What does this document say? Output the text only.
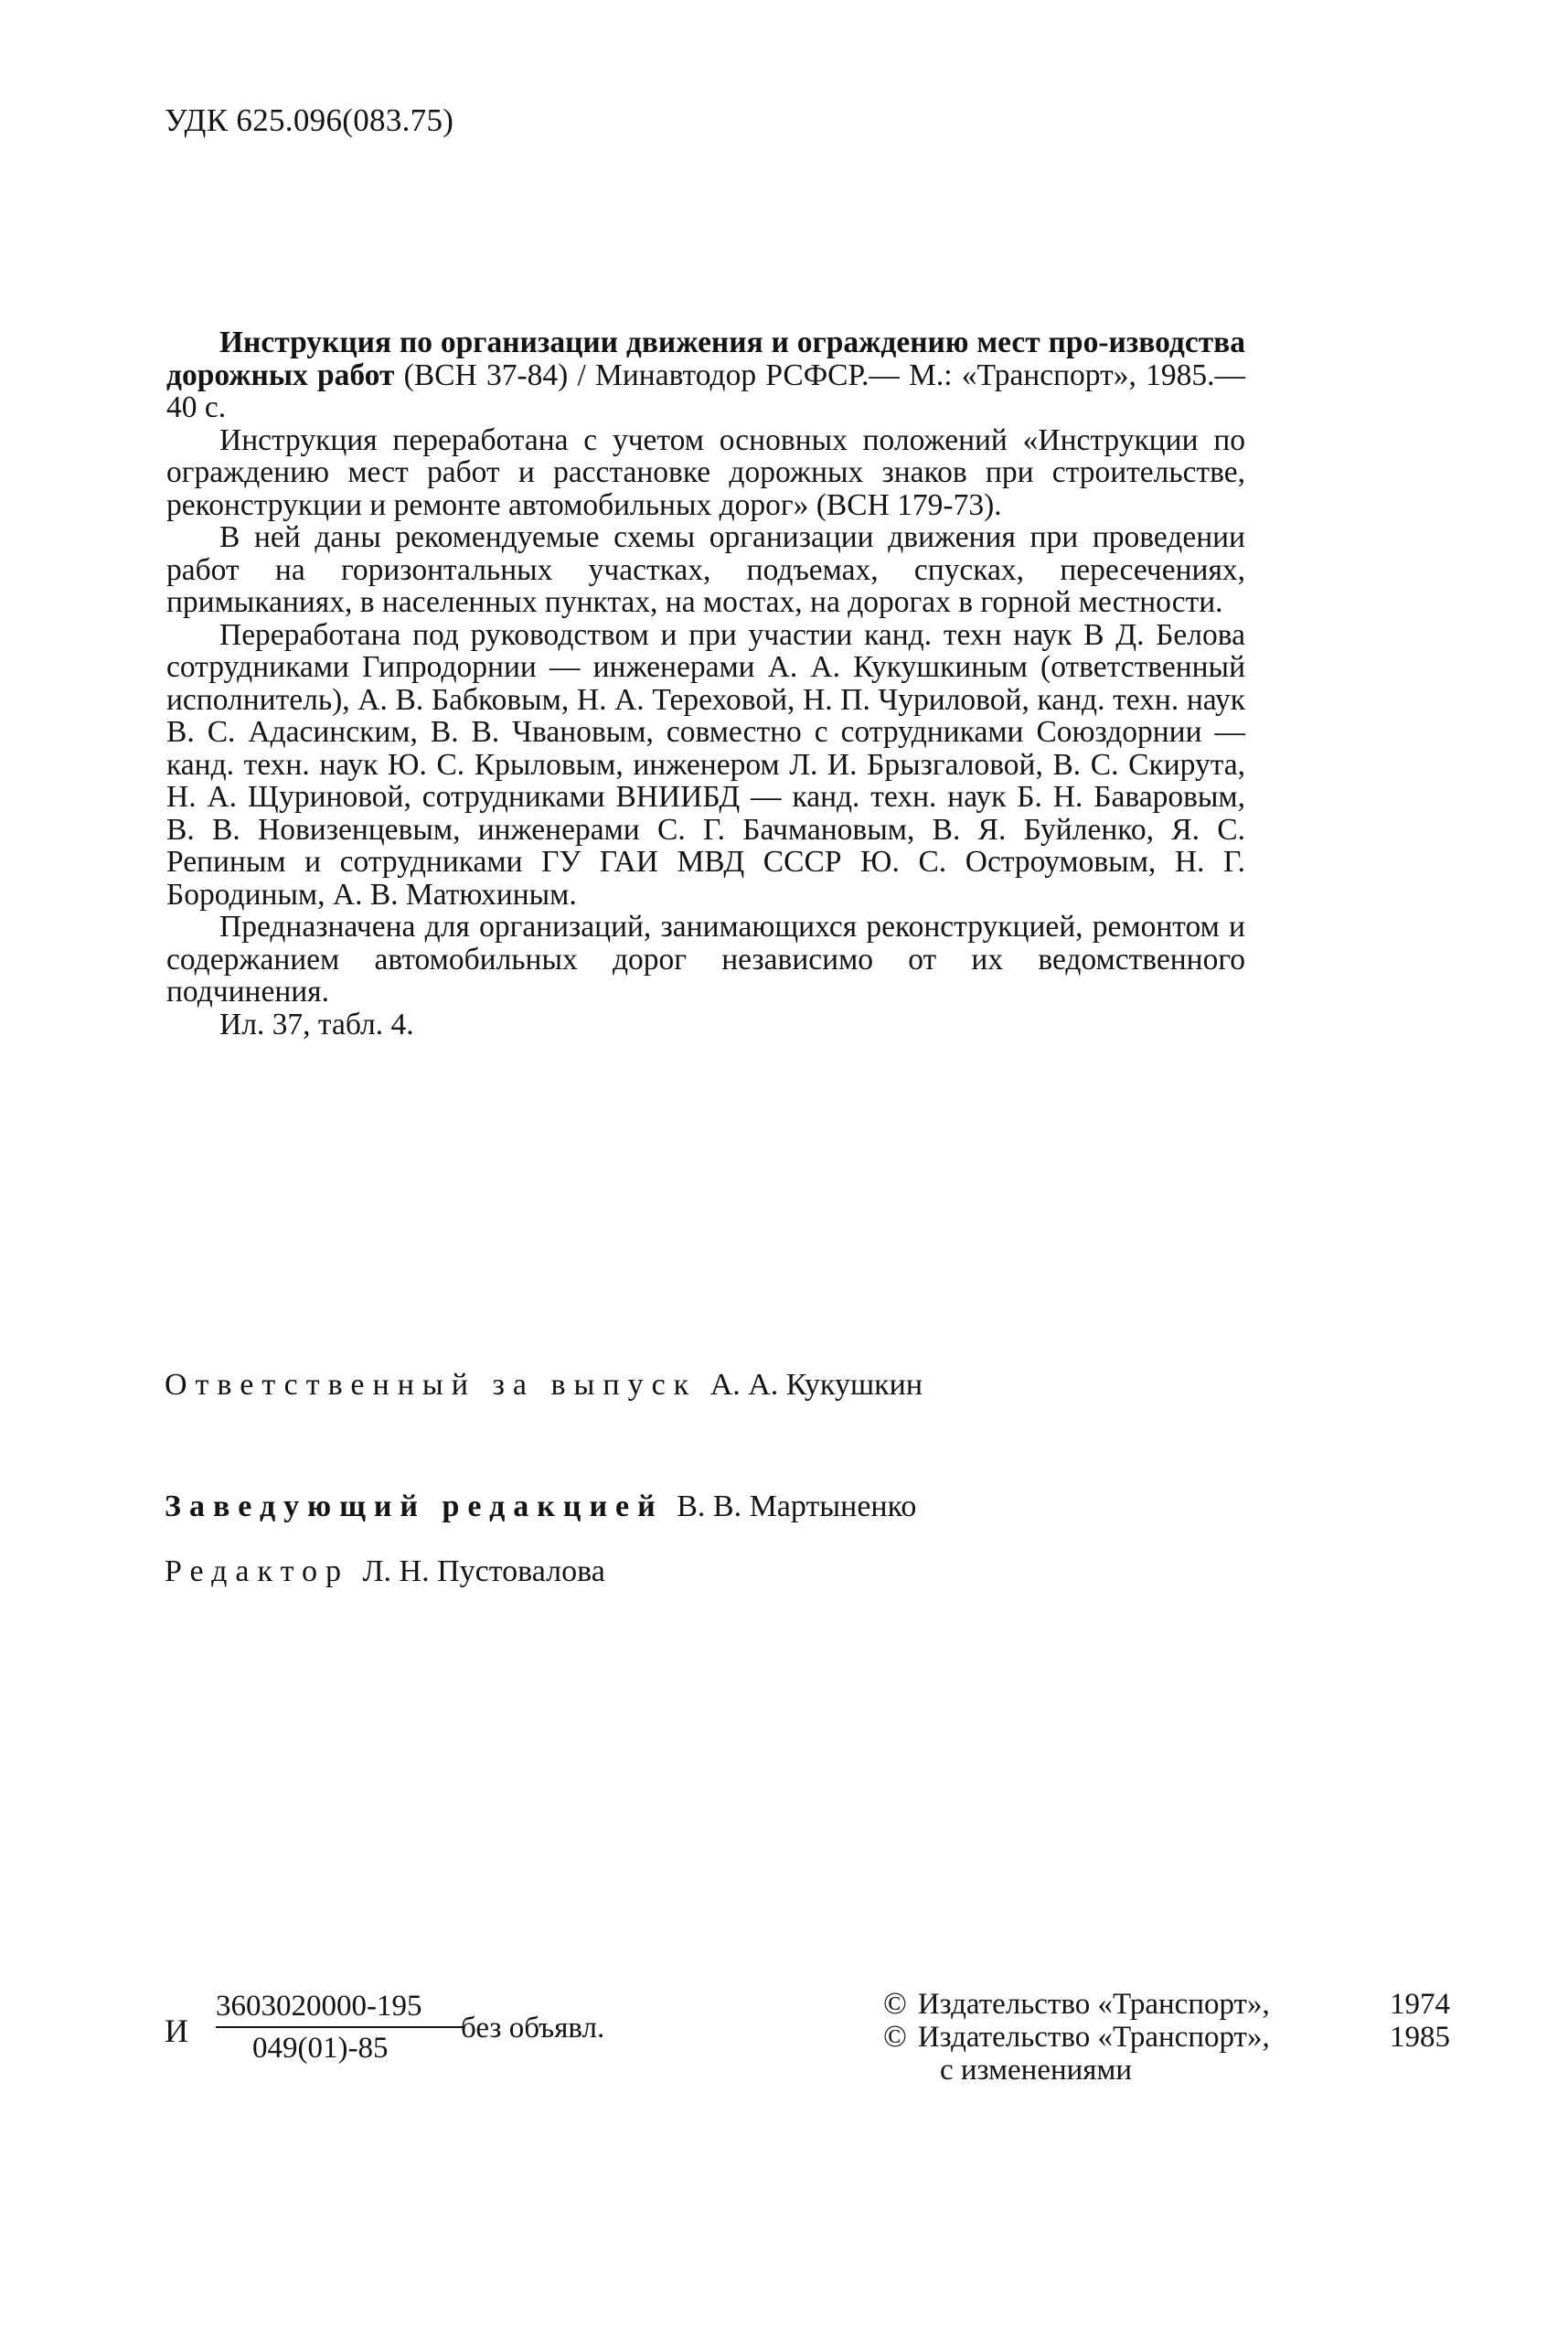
УДК 625.096(083.75)

Инструкция по организации движения и ограждению мест про-изводства дорожных работ (ВСН 37-84) / Минавтодор РСФСР.— М.: «Транспорт», 1985.— 40 с.

Инструкция переработана с учетом основных положений «Инструкции по ограждению мест работ и расстановке дорожных знаков при строительстве, реконструкции и ремонте автомобильных дорог» (ВСН 179-73).

В ней даны рекомендуемые схемы организации движения при проведении работ на горизонтальных участках, подъемах, спусках, пересечениях, примыканиях, в населенных пунктах, на мостах, на дорогах в горной местности.

Переработана под руководством и при участии канд. техн наук В Д. Белова сотрудниками Гипродорнии — инженерами А. А. Кукушкиным (ответственный исполнитель), А. В. Бабковым, Н. А. Тереховой, Н. П. Чуриловой, канд. техн. наук В. С. Адасинским, В. В. Чвановым, совместно с сотрудниками Союздорнии — канд. техн. наук Ю. С. Крыловым, инженером Л. И. Брызгаловой, В. С. Скирута, Н. А. Щуриновой, сотрудниками ВНИИБД — канд. техн. наук Б. Н. Баваровым, В. В. Новизенцевым, инженерами С. Г. Бачмановым, В. Я. Буйленко, Я. С. Репиным и сотрудниками ГУ ГАИ МВД СССР Ю. С. Остроумовым, Н. Г. Бородиным, А. В. Матюхиным.

Предназначена для организаций, занимающихся реконструкцией, ремонтом и содержанием автомобильных дорог независимо от их ведомственного подчинения.

Ил. 37, табл. 4.

Ответственный за выпуск А. А. Кукушкин
Заведующий редакцией В. В. Мартыненко
Редактор Л. Н. Пустовалова
И
3603020000-195
049(01)-85
без объявл.
© Издательство «Транспорт»,	1974
© Издательство «Транспорт»,	1985
с изменениями
